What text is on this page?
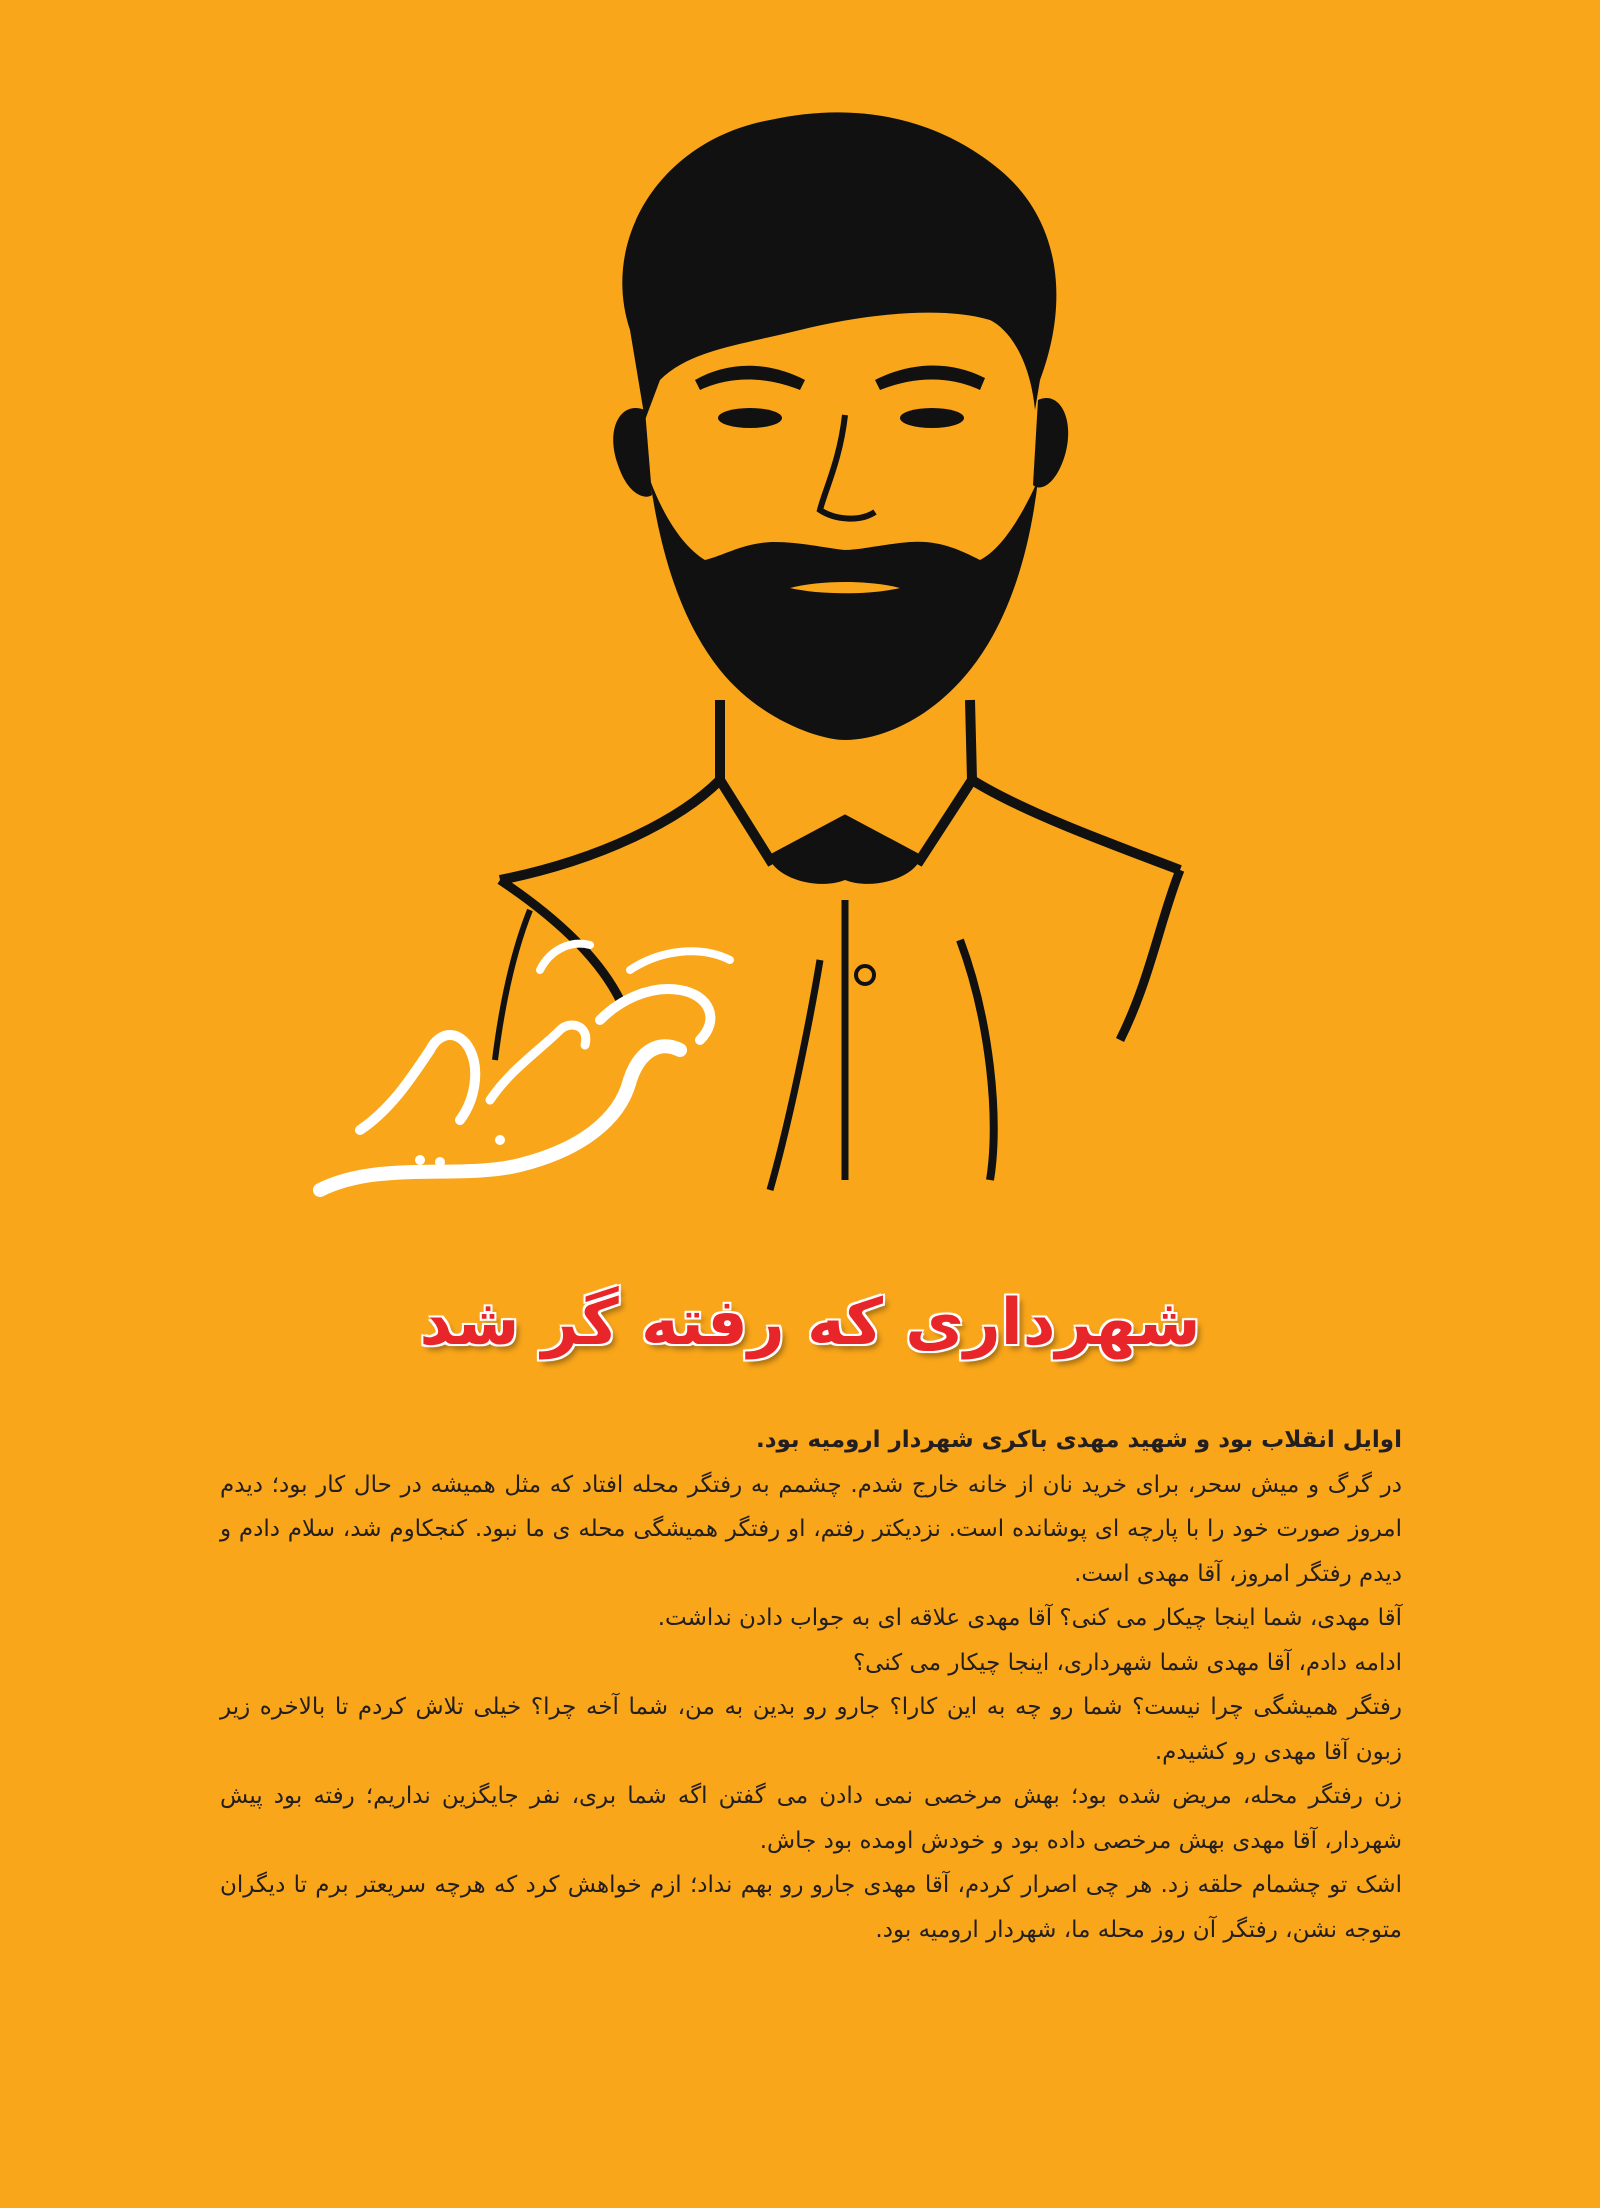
شهرداری که رفته گر شد

اوایل انقلاب بود و شهید مهدی باکری شهردار ارومیه بود.

در گرگ و میش سحر، برای خرید نان از خانه خارج شدم. چشمم به رفتگر محله افتاد که مثل همیشه در حال کار بود؛ دیدم امروز صورت خود را با پارچه ای پوشانده است. نزدیکتر رفتم، او رفتگر همیشگی محله ی ما نبود. کنجکاوم شد، سلام دادم و دیدم رفتگر امروز، آقا مهدی است.

آقا مهدی، شما اینجا چیکار می کنی؟ آقا مهدی علاقه ای به جواب دادن نداشت.

ادامه دادم، آقا مهدی شما شهرداری، اینجا چیکار می کنی؟

رفتگر همیشگی چرا نیست؟ شما رو چه به این کارا؟ جارو رو بدین به من، شما آخه چرا؟ خیلی تلاش کردم تا بالاخره زیر زبون آقا مهدی رو کشیدم.

زن رفتگر محله، مریض شده بود؛ بهش مرخصی نمی دادن می گفتن اگه شما بری، نفر جایگزین نداریم؛ رفته بود پیش شهردار، آقا مهدی بهش مرخصی داده بود و خودش اومده بود جاش.

اشک تو چشمام حلقه زد. هر چی اصرار کردم، آقا مهدی جارو رو بهم نداد؛ ازم خواهش کرد که هرچه سریعتر برم تا دیگران متوجه نشن، رفتگر آن روز محله ما، شهردار ارومیه بود.
